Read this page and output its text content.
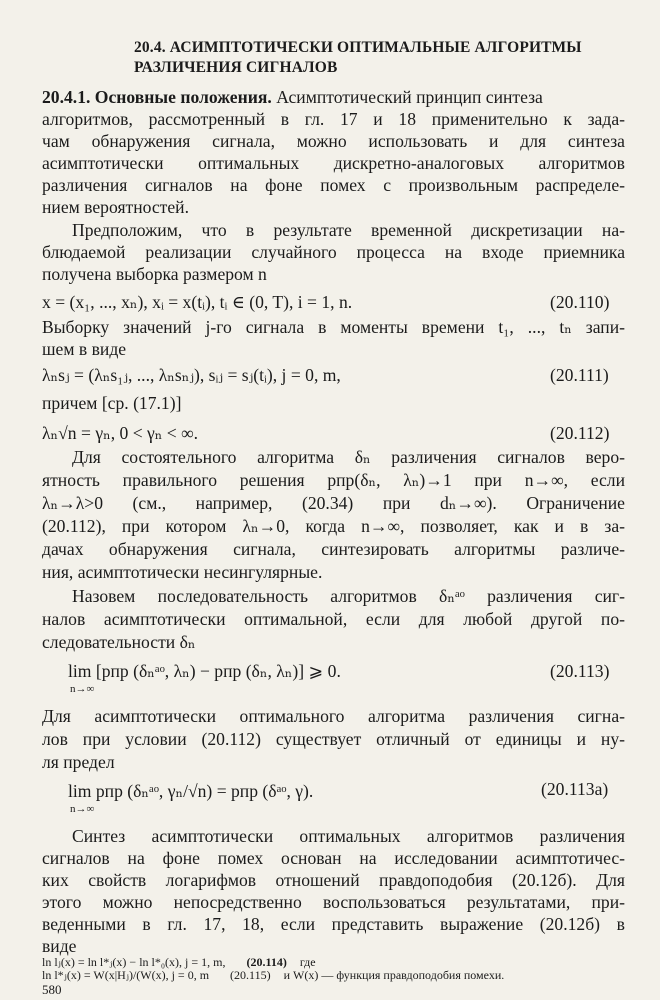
20.4. АСИМПТОТИЧЕСКИ ОПТИМАЛЬНЫЕ АЛГОРИТМЫ
РАЗЛИЧЕНИЯ СИГНАЛОВ
20.4.1. Основные положения. Асимптотический принцип синтеза
алгоритмов, рассмотренный в гл. 17 и 18 применительно к зада-
чам обнаружения сигнала, можно использовать и для синтеза
асимптотически оптимальных дискретно-аналоговых алгоритмов
различения сигналов на фоне помех с произвольным распределе-
нием вероятностей.
Предположим, что в результате временной дискретизации на-
блюдаемой реализации случайного процесса на входе приемника
получена выборка размером n
x = (x₁, ..., xₙ), xᵢ = x(tᵢ), tᵢ ∈ (0, T), i = 1, n.	(20.110)
Выборку значений j-го сигнала в моменты времени t₁, ..., tₙ запи-
шем в виде
λₙsⱼ = (λₙs₁ⱼ, ..., λₙsₙⱼ), sᵢⱼ = sⱼ(tᵢ), j = 0, m,	(20.111)
причем [ср. (17.1)]
λₙ√n = γₙ, 0 < γₙ < ∞.	(20.112)
Для состоятельного алгоритма δₙ различения сигналов веро-
ятность правильного решения pпр(δₙ, λₙ)→1 при n→∞, если
λₙ→λ>0 (см., например, (20.34) при dₙ→∞). Ограничение
(20.112), при котором λₙ→0, когда n→∞, позволяет, как и в за-
дачах обнаружения сигнала, синтезировать алгоритмы различе-
ния, асимптотически несингулярные.
Назовем последовательность алгоритмов δₙᵃᵒ различения сиг-
налов асимптотически оптимальной, если для любой другой по-
следовательности δₙ
lim [pпр (δₙᵃᵒ, λₙ) − pпр (δₙ, λₙ)] ⩾ 0.
n→∞
(20.113)
Для асимптотически оптимального алгоритма различения сигна-
лов при условии (20.112) существует отличный от единицы и ну-
ля предел
lim pпр (δₙᵃᵒ, γₙ/√n) = pпр (δᵃᵒ, γ).
n→∞
(20.113а)
Синтез асимптотически оптимальных алгоритмов различения
сигналов на фоне помех основан на исследовании асимптотичес-
ких свойств логарифмов отношений правдоподобия (20.12б). Для
этого можно непосредственно воспользоваться результатами, при-
веденными в гл. 17, 18, если представить выражение (20.12б) в
виде
ln lⱼ(x) = ln l*ⱼ(x) − ln l*₀(x), j = 1, m, (20.114) где
ln l*ⱼ(x) = W(x|Hⱼ)/(W(x), j = 0, m (20.115) и W(x) — функция правдоподобия помехи.
580
